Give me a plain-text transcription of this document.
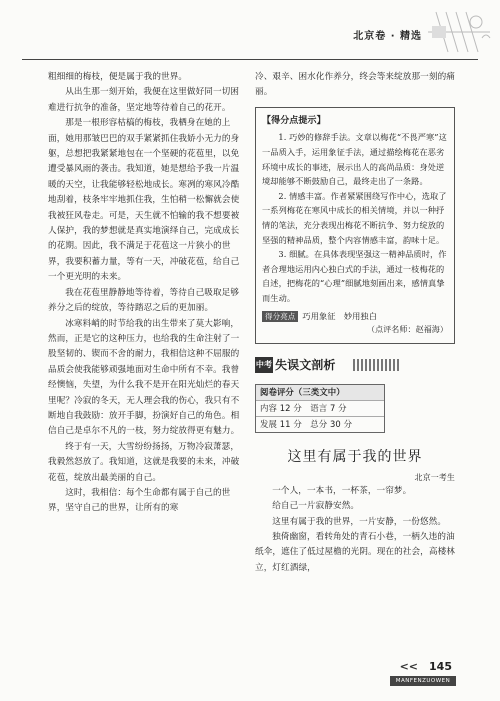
北京卷 · 精选

粗细细的梅枝，便是属于我的世界。

从出生那一刻开始，我便在这里做好同一切困难进行抗争的准备，坚定地等待着自己的花开。

那是一根形容枯槁的梅枝，我栖身在她的上面，她用那皱巴巴的双手紧紧抓住我娇小无力的身躯，总想把我紧紧地包在一个坚硬的花苞里，以免遭受暴风雨的袭击。我知道，她是想给予我一片温暖的天空，让我能够轻松地成长。寒冽的寒风冷酷地刮着，枝条牢牢地抓住我，生怕稍一松懈就会使我被狂风卷走。可是，天生就不怕输的我不想要被人保护，我的梦想就是真实地演绎自己，完成成长的花期。因此，我不满足于花苞这一片狭小的世界，我要积蓄力量，等有一天，冲破花苞，给自己一个更光明的未来。

我在花苞里静静地等待着，等待自己吸取足够养分之后的绽放，等待踏忍之后的更加丽。

冰寒料峭的时节给我的出生带来了莫大影响，然而，正是它的这种压力，也给我的生命注射了一股坚韧的、锲而不舍的耐力，我相信这种不屈服的品质会使我能够顽强地面对生命中所有不幸。我曾经懊恼，失望，为什么我不是开在阳光灿烂的春天里呢？冷寂的冬天，无人理会我的伤心，我只有不断地自我鼓励：放开手脚，扮演好自己的角色。相信自己是卓尔不凡的一枝，努力绽放得更有魅力。

终于有一天，大雪纷纷扬扬，万物冷寂萧瑟，我毅然怒放了。我知道，这就是我要的未来，冲破花苞，绽放出最美丽的自己。

这时，我相信：每个生命都有属于自己的世界，坚守自己的世界，让所有的寒

冷、艰辛、困水化作养分，终会等来绽放那一刻的痛丽。

【得分点提示】

1. 巧妙的修辞手法。文章以梅花“不畏严寒”这一品质入手，运用象征手法，通过描绘梅花在恶劣环境中成长的事迹，展示出人的高尚品质：身处逆境却能够不断鼓励自己，最终走出了一条路。

2. 情感丰富。作者紧紧围绕写作中心，选取了一系列梅花在寒风中成长的相关情境，并以一种抒情的笔法，充分表现出梅花不断抗争、努力绽放的坚强的精神品质，整个内容情感丰富，韵味十足。

3. 细腻。在具体表现坚强这一精神品质时，作者合理地运用内心独白式的手法，通过一枝梅花的自述，把梅花的“心理”细腻地刻画出来，感情真挚而生动。

得分亮点 巧用象征　妙用独白
（点评名师：赵福海）
中考 失误文剖析
阅卷评分（三类文中）
内容 12 分　语言 7 分
发展 11 分　总分 30 分
这里有属于我的世界
北京一考生

一个人，一本书，一杯茶，一帘梦。

给自己一片寂静安然。

这里有属于我的世界，一片安静，一份悠然。

独倚幽窗，看转角处的青石小巷，一柄久违的油纸伞，遮住了低过屋檐的光阴。现在的社会，高楼林立，灯红酒绿，

<< 145
MANFENZUOWEN
